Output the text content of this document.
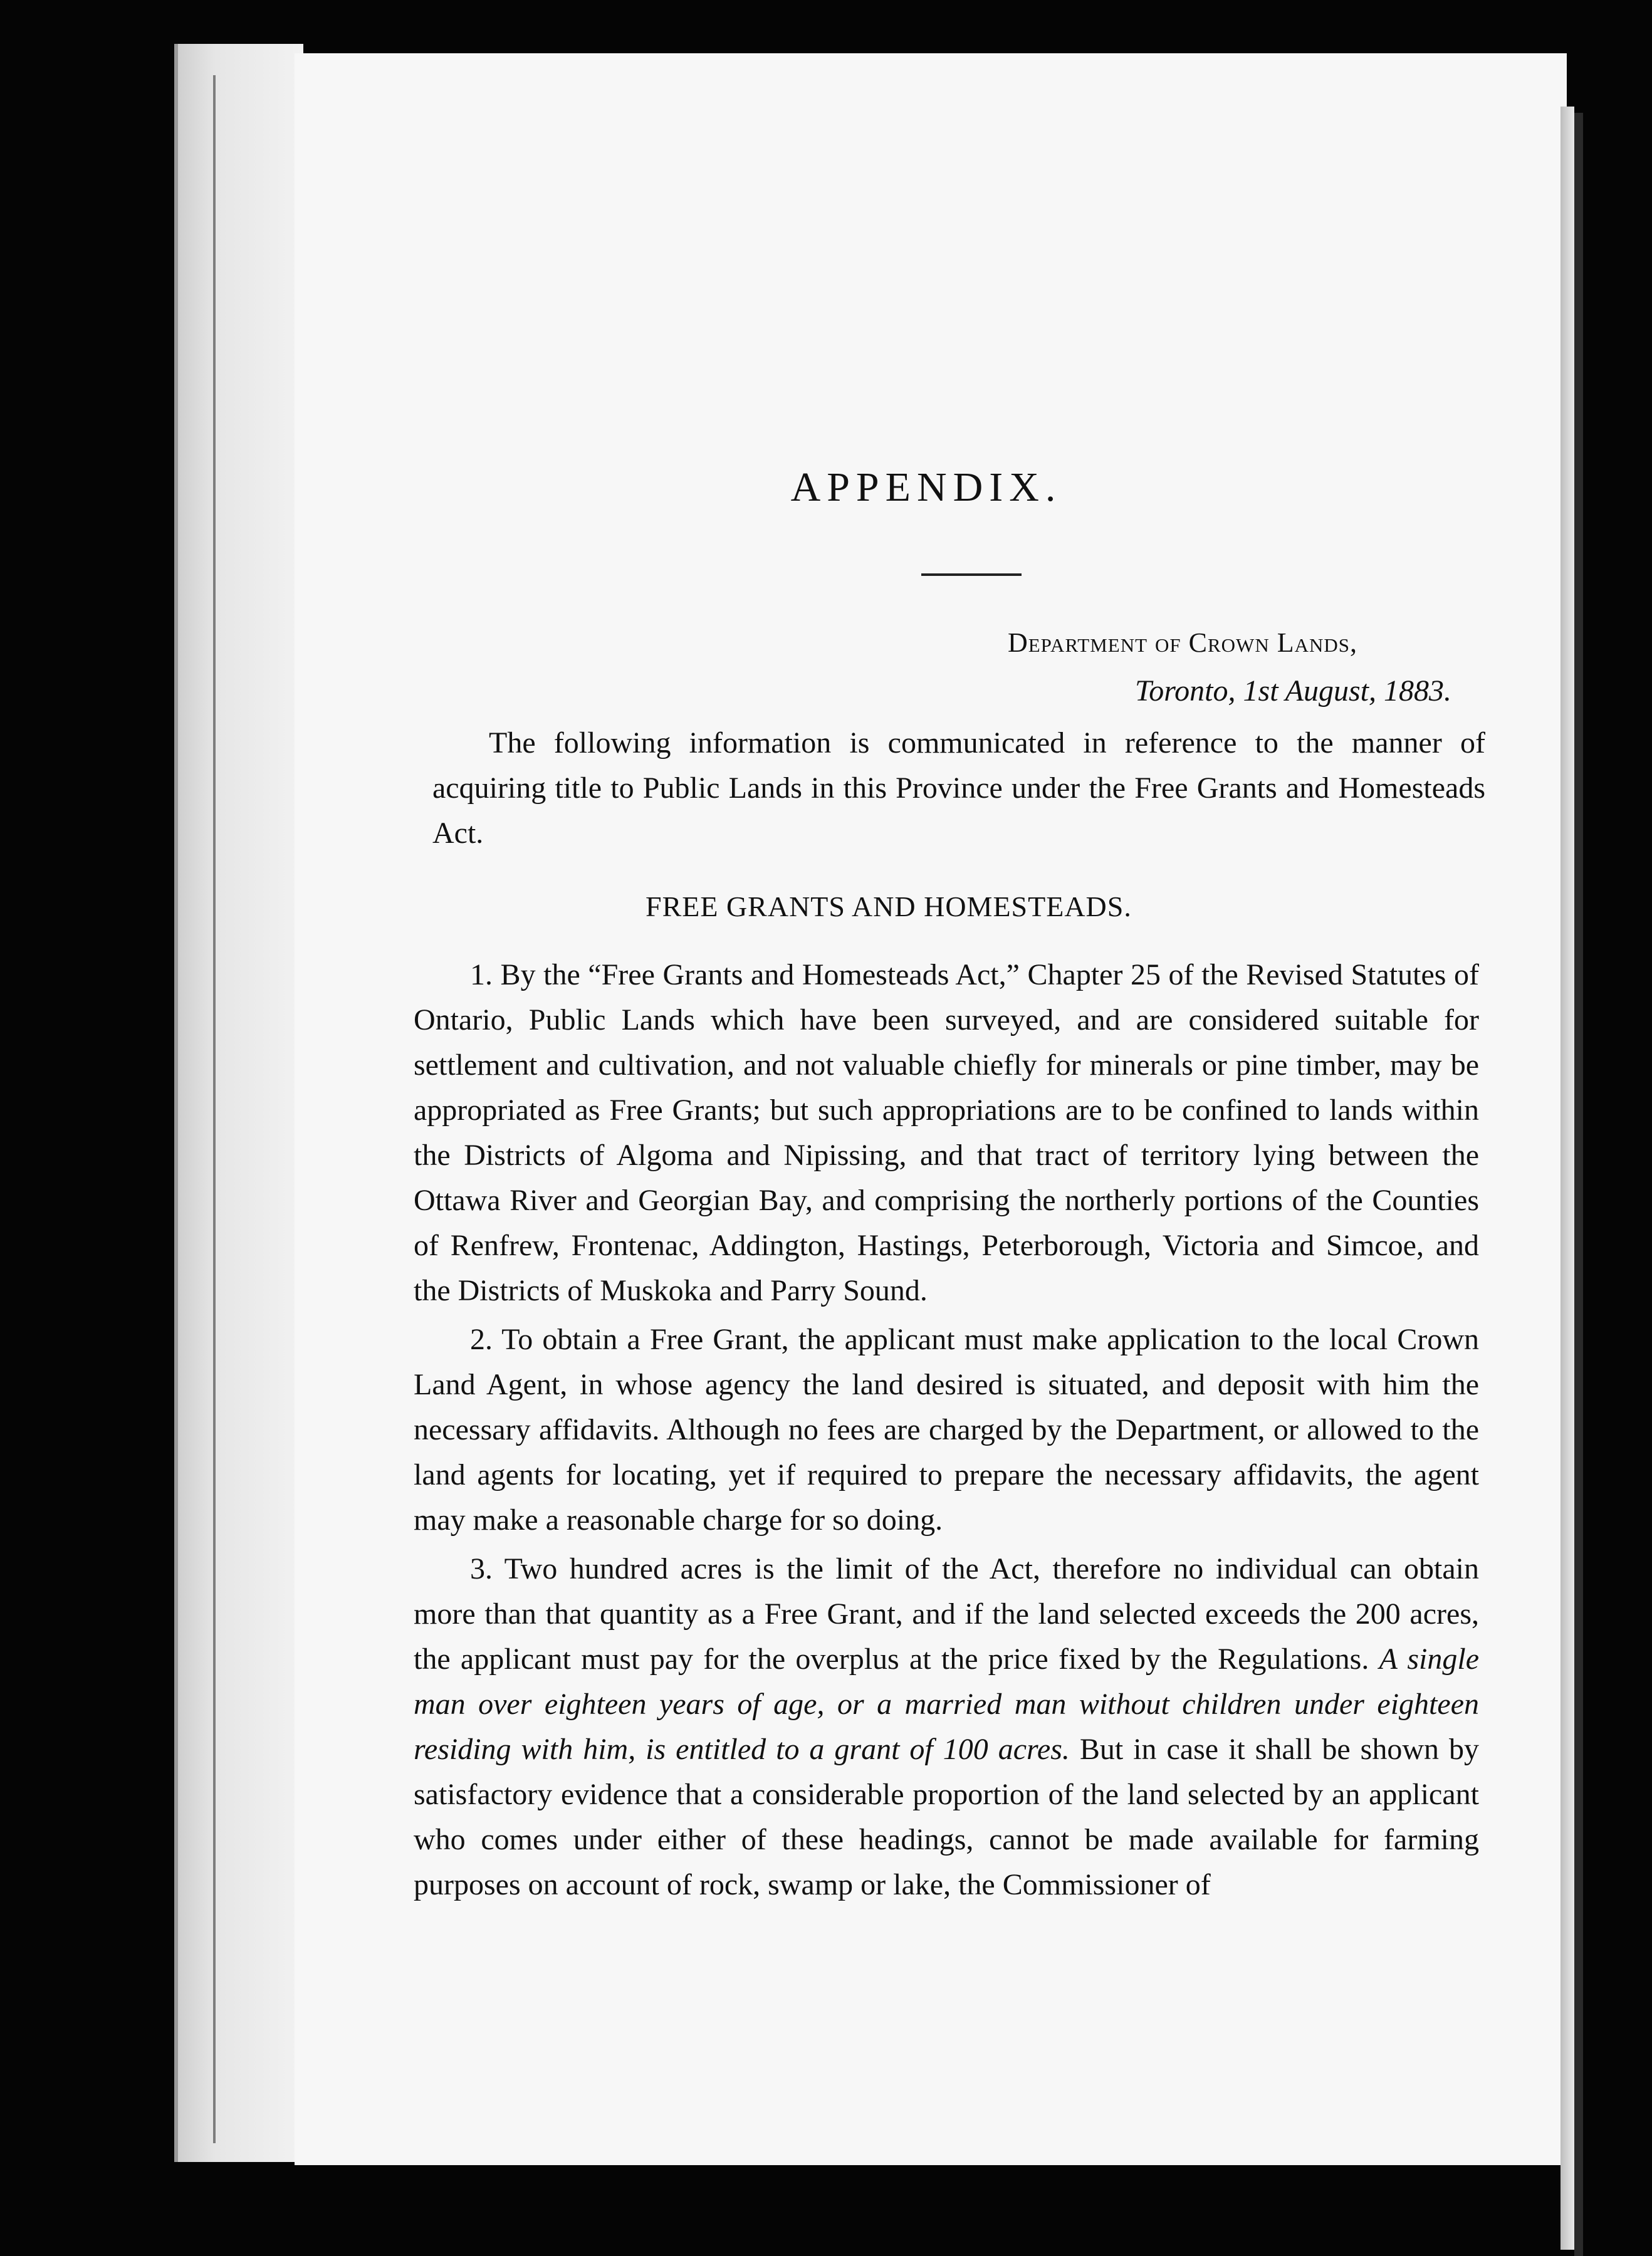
APPENDIX.
Department of Crown Lands,
Toronto, 1st August, 1883.

The following information is communicated in reference to the manner of acquiring title to Public Lands in this Province under the Free Grants and Homesteads Act.

FREE GRANTS AND HOMESTEADS.

1. By the “Free Grants and Homesteads Act,” Chapter 25 of the Revised Statutes of Ontario, Public Lands which have been surveyed, and are considered suitable for settlement and cultivation, and not valuable chiefly for minerals or pine timber, may be appropriated as Free Grants; but such appropriations are to be confined to lands within the Districts of Algoma and Nipissing, and that tract of territory lying between the Ottawa River and Georgian Bay, and comprising the northerly portions of the Counties of Renfrew, Frontenac, Addington, Hastings, Peterborough, Victoria and Simcoe, and the Districts of Muskoka and Parry Sound.

2. To obtain a Free Grant, the applicant must make application to the local Crown Land Agent, in whose agency the land desired is situated, and deposit with him the necessary affidavits. Although no fees are charged by the Department, or allowed to the land agents for locating, yet if required to prepare the necessary affidavits, the agent may make a reasonable charge for so doing.

3. Two hundred acres is the limit of the Act, therefore no individual can obtain more than that quantity as a Free Grant, and if the land selected exceeds the 200 acres, the applicant must pay for the overplus at the price fixed by the Regulations. A single man over eighteen years of age, or a married man without children under eighteen residing with him, is entitled to a grant of 100 acres. But in case it shall be shown by satisfactory evidence that a considerable proportion of the land selected by an applicant who comes under either of these headings, cannot be made available for farming purposes on account of rock, swamp or lake, the Commissioner of
